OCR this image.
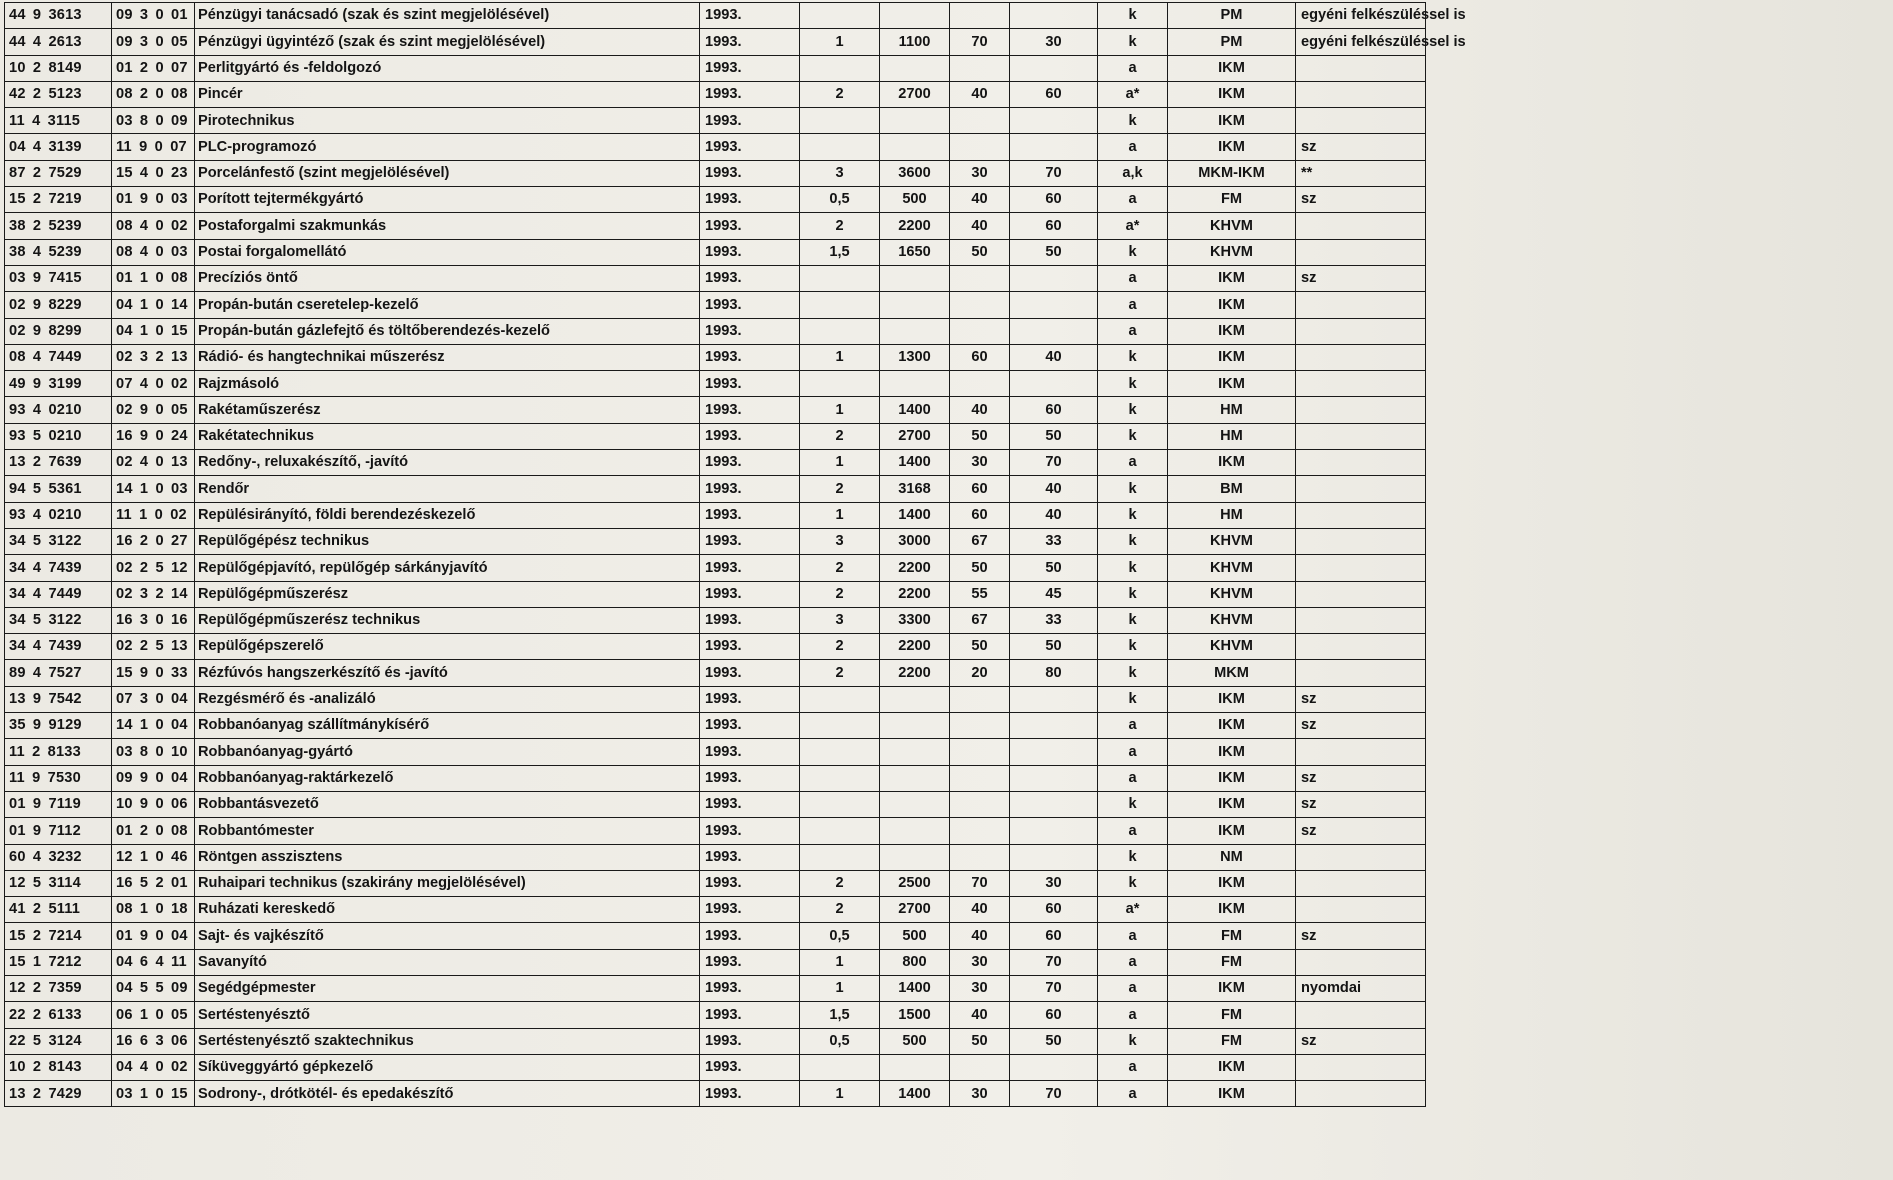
44 9 3613	09 3 0 01	Pénzügyi tanácsadó (szak és szint megjelölésével)	1993.					k	PM	egyéni felkészüléssel is
44 4 2613	09 3 0 05	Pénzügyi ügyintéző (szak és szint megjelölésével)	1993.	1	1100	70	30	k	PM	egyéni felkészüléssel is
10 2 8149	01 2 0 07	Perlitgyártó és -feldolgozó	1993.					a	IKM	
42 2 5123	08 2 0 08	Pincér	1993.	2	2700	40	60	a*	IKM	
11 4 3115	03 8 0 09	Pirotechnikus	1993.					k	IKM	
04 4 3139	11 9 0 07	PLC-programozó	1993.					a	IKM	sz
87 2 7529	15 4 0 23	Porcelánfestő (szint megjelölésével)	1993.	3	3600	30	70	a,k	MKM-IKM	**
15 2 7219	01 9 0 03	Porított tejtermékgyártó	1993.	0,5	500	40	60	a	FM	sz
38 2 5239	08 4 0 02	Postaforgalmi szakmunkás	1993.	2	2200	40	60	a*	KHVM	
38 4 5239	08 4 0 03	Postai forgalomellátó	1993.	1,5	1650	50	50	k	KHVM	
03 9 7415	01 1 0 08	Precíziós öntő	1993.					a	IKM	sz
02 9 8229	04 1 0 14	Propán-bután cseretelep-kezelő	1993.					a	IKM	
02 9 8299	04 1 0 15	Propán-bután gázlefejtő és töltőberendezés-kezelő	1993.					a	IKM	
08 4 7449	02 3 2 13	Rádió- és hangtechnikai műszerész	1993.	1	1300	60	40	k	IKM	
49 9 3199	07 4 0 02	Rajzmásoló	1993.					k	IKM	
93 4 0210	02 9 0 05	Rakétaműszerész	1993.	1	1400	40	60	k	HM	
93 5 0210	16 9 0 24	Rakétatechnikus	1993.	2	2700	50	50	k	HM	
13 2 7639	02 4 0 13	Redőny-, reluxakészítő, -javító	1993.	1	1400	30	70	a	IKM	
94 5 5361	14 1 0 03	Rendőr	1993.	2	3168	60	40	k	BM	
93 4 0210	11 1 0 02	Repülésirányító, földi berendezéskezelő	1993.	1	1400	60	40	k	HM	
34 5 3122	16 2 0 27	Repülőgépész technikus	1993.	3	3000	67	33	k	KHVM	
34 4 7439	02 2 5 12	Repülőgépjavító, repülőgép sárkányjavító	1993.	2	2200	50	50	k	KHVM	
34 4 7449	02 3 2 14	Repülőgépműszerész	1993.	2	2200	55	45	k	KHVM	
34 5 3122	16 3 0 16	Repülőgépműszerész technikus	1993.	3	3300	67	33	k	KHVM	
34 4 7439	02 2 5 13	Repülőgépszerelő	1993.	2	2200	50	50	k	KHVM	
89 4 7527	15 9 0 33	Rézfúvós hangszerkészítő és -javító	1993.	2	2200	20	80	k	MKM	
13 9 7542	07 3 0 04	Rezgésmérő és -analizáló	1993.					k	IKM	sz
35 9 9129	14 1 0 04	Robbanóanyag szállítmánykísérő	1993.					a	IKM	sz
11 2 8133	03 8 0 10	Robbanóanyag-gyártó	1993.					a	IKM	
11 9 7530	09 9 0 04	Robbanóanyag-raktárkezelő	1993.					a	IKM	sz
01 9 7119	10 9 0 06	Robbantásvezető	1993.					k	IKM	sz
01 9 7112	01 2 0 08	Robbantómester	1993.					a	IKM	sz
60 4 3232	12 1 0 46	Röntgen asszisztens	1993.					k	NM	
12 5 3114	16 5 2 01	Ruhaipari technikus (szakirány megjelölésével)	1993.	2	2500	70	30	k	IKM	
41 2 5111	08 1 0 18	Ruházati kereskedő	1993.	2	2700	40	60	a*	IKM	
15 2 7214	01 9 0 04	Sajt- és vajkészítő	1993.	0,5	500	40	60	a	FM	sz
15 1 7212	04 6 4 11	Savanyító	1993.	1	800	30	70	a	FM	
12 2 7359	04 5 5 09	Segédgépmester	1993.	1	1400	30	70	a	IKM	nyomdai
22 2 6133	06 1 0 05	Sertéstenyésztő	1993.	1,5	1500	40	60	a	FM	
22 5 3124	16 6 3 06	Sertéstenyésztő szaktechnikus	1993.	0,5	500	50	50	k	FM	sz
10 2 8143	04 4 0 02	Síküveggyártó gépkezelő	1993.					a	IKM	
13 2 7429	03 1 0 15	Sodrony-, drótkötél- és epedakészítő	1993.	1	1400	30	70	a	IKM	
